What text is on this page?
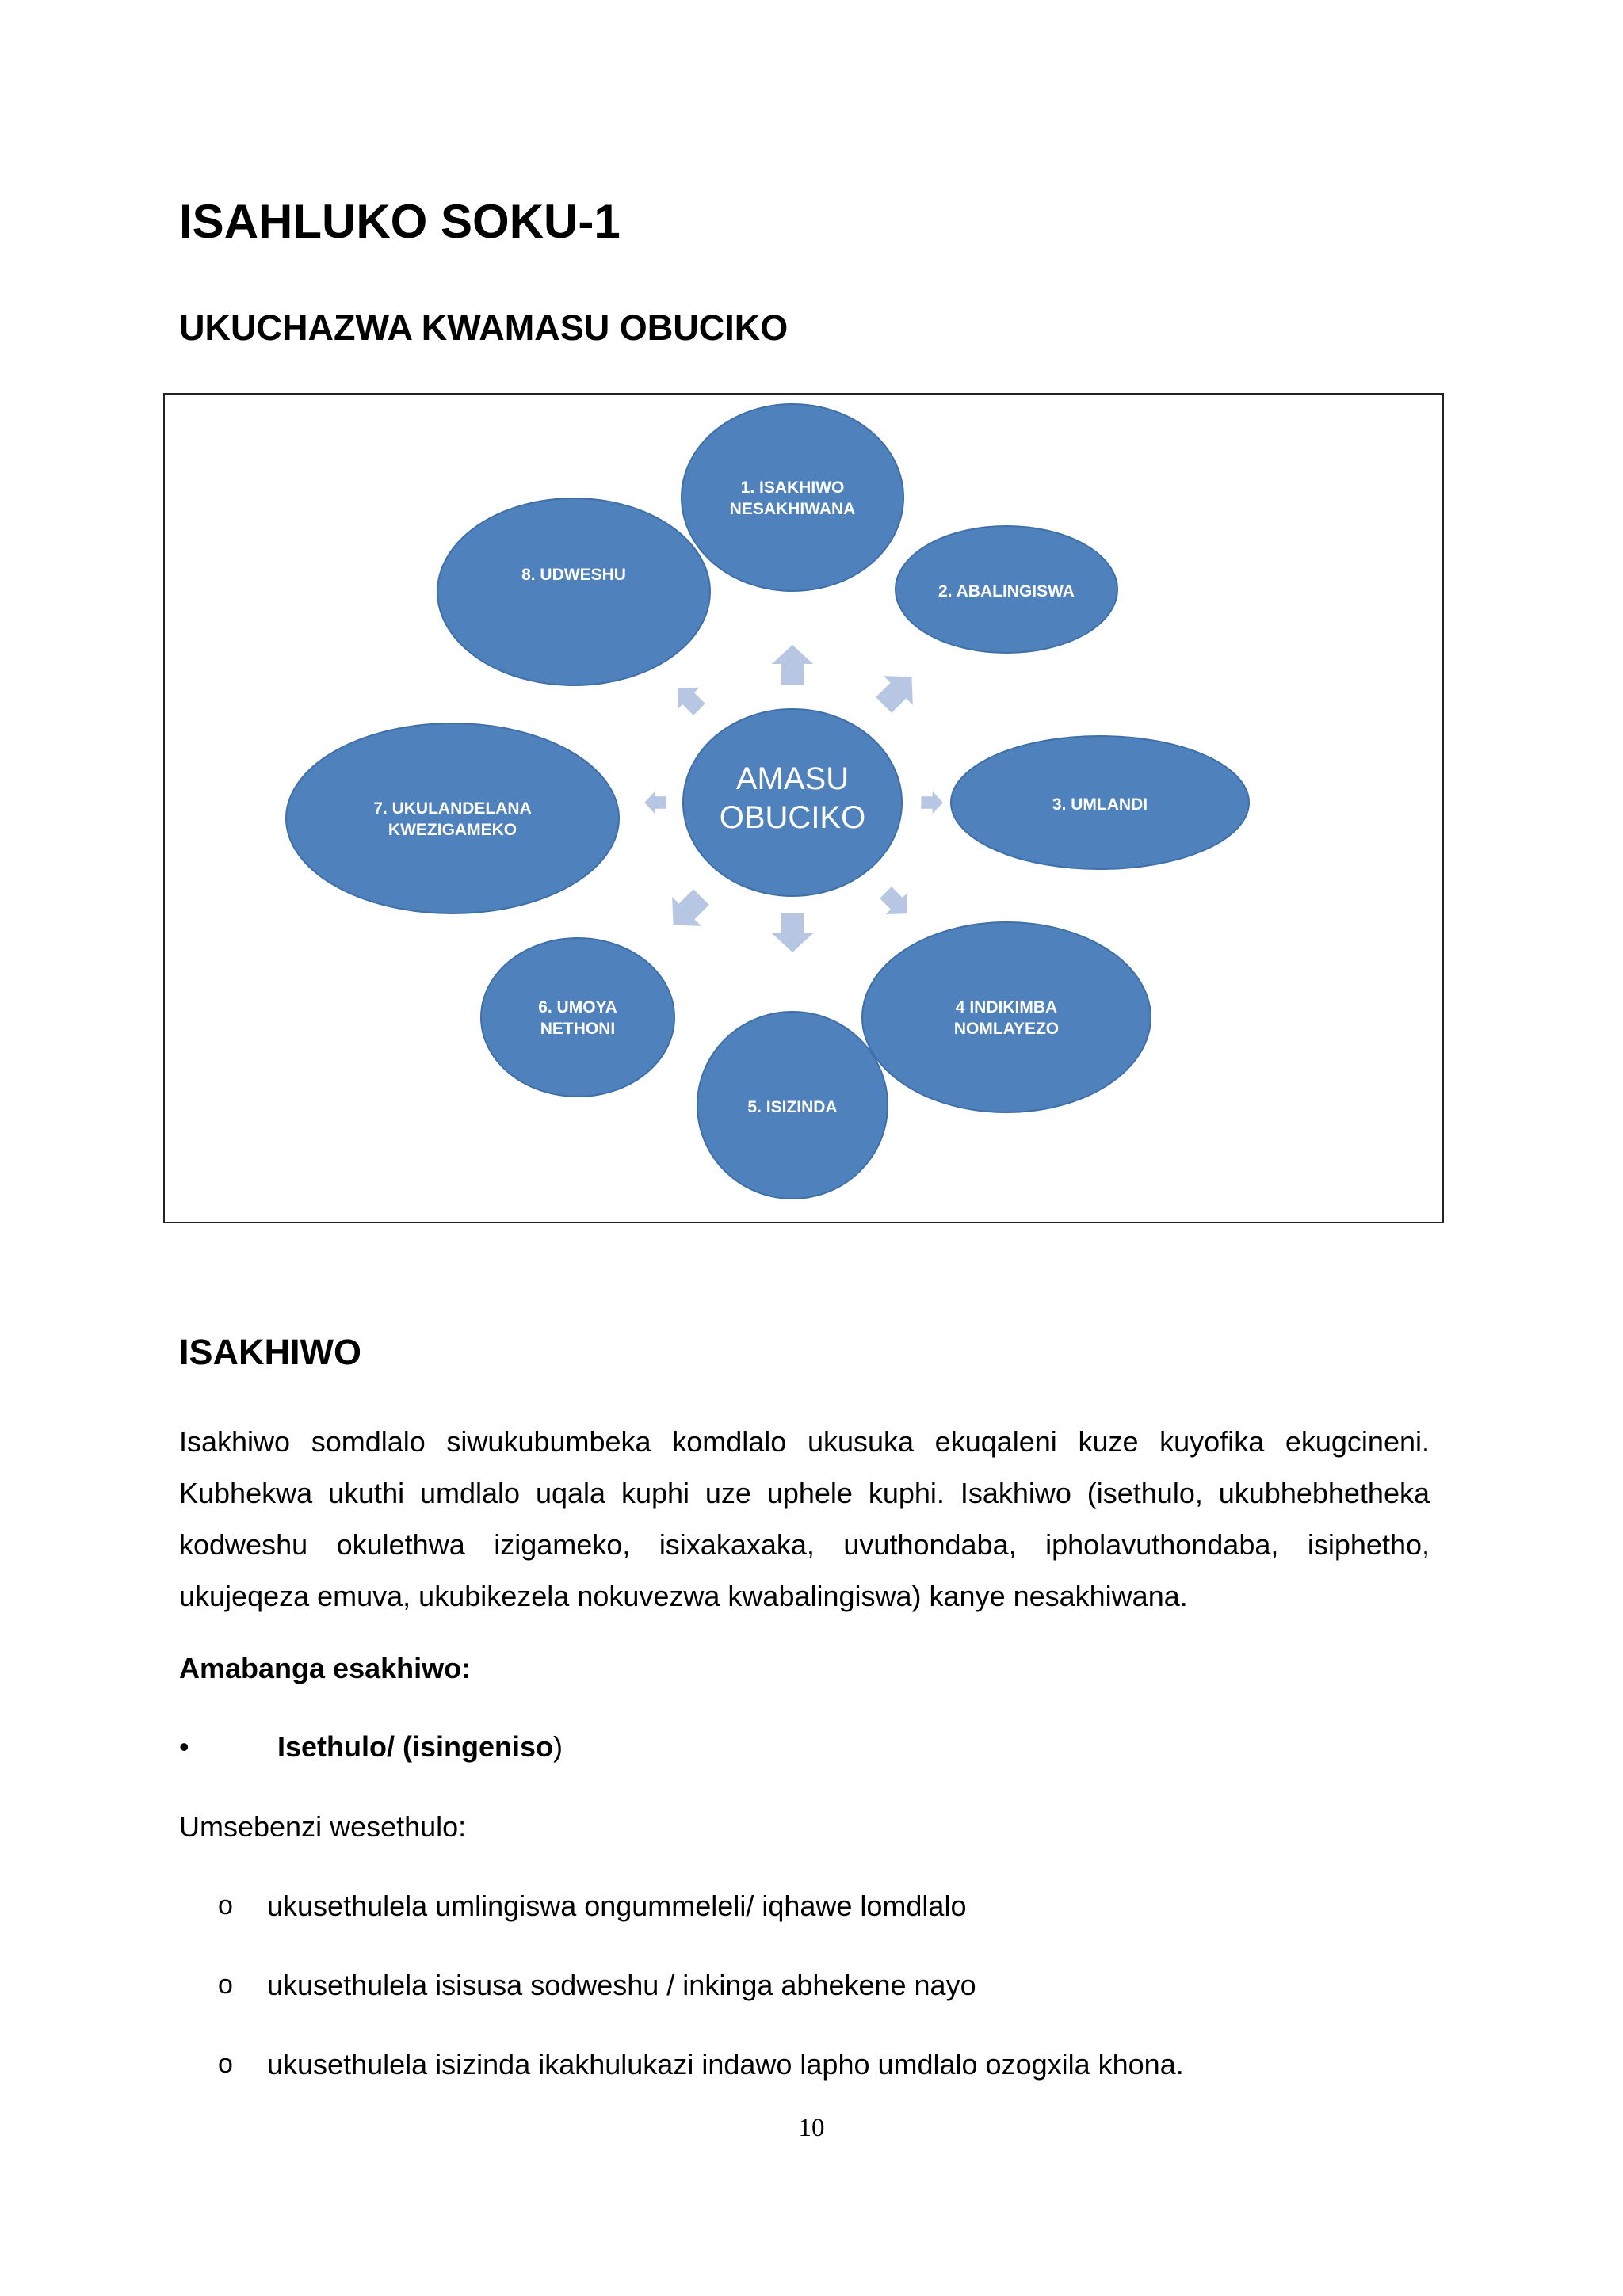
ISAHLUKO SOKU-1
UKUCHAZWA KWAMASU OBUCIKO
AMASU
OBUCIKO
1. ISAKHIWO
NESAKHIWANA
2. ABALINGISWA
3. UMLANDI
4 INDIKIMBA
NOMLAYEZO
5. ISIZINDA
6. UMOYA
NETHONI
7. UKULANDELANA
KWEZIGAMEKO
8. UDWESHU
ISAKHIWO

Isakhiwo somdlalo siwukubumbeka komdlalo ukusuka ekuqaleni kuze kuyofika ekugcineni. Kubhekwa ukuthi umdlalo uqala kuphi uze uphele kuphi. Isakhiwo (isethulo, ukubhebhetheka kodweshu okulethwa izigameko, isixakaxaka, uvuthondaba, ipholavuthondaba, isiphetho, ukujeqeza emuva, ukubikezela nokuvezwa kwabalingiswa) kanye nesakhiwana.

Amabanga esakhiwo:

•	Isethulo/ (isingeniso)
Umsebenzi wesethulo:
o ukusethulela umlingiswa ongummeleli/ iqhawe lomdlalo
o ukusethulela isisusa sodweshu / inkinga abhekene nayo
o ukusethulela isizinda ikakhulukazi indawo lapho umdlalo ozogxila khona.
10
